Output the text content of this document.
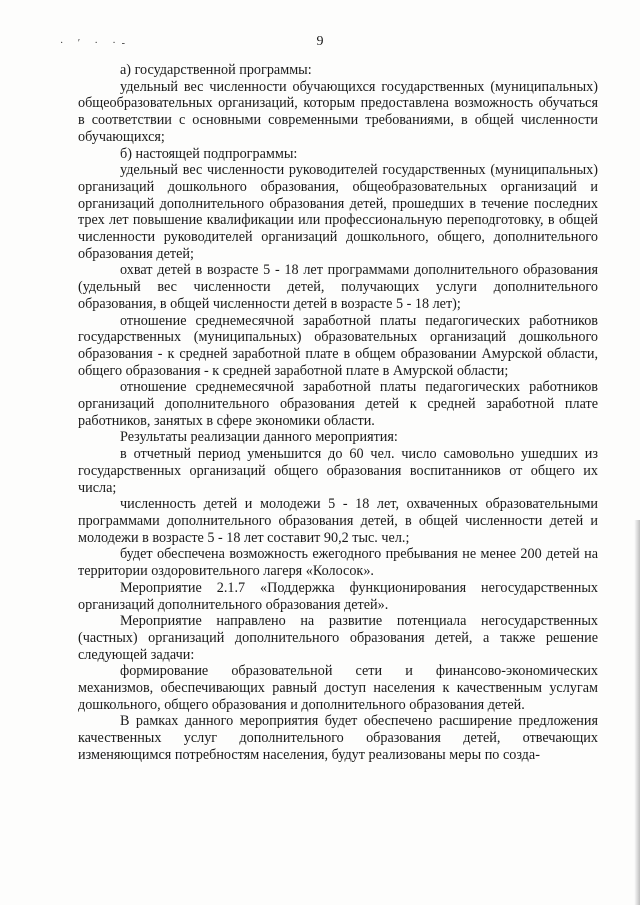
· ′ · ·-	9

а) государственной программы:

удельный вес численности обучающихся государственных (муниципальных) общеобразовательных организаций, которым предоставлена возможность обучаться в соответствии с основными современными требованиями, в общей численности обучающихся;

б) настоящей подпрограммы:

удельный вес численности руководителей государственных (муниципальных) организаций дошкольного образования, общеобразовательных организаций и организаций дополнительного образования детей, прошедших в течение последних трех лет повышение квалификации или профессиональную переподготовку, в общей численности руководителей организаций дошкольного, общего, дополнительного образования детей;

охват детей в возрасте 5 - 18 лет программами дополнительного образования (удельный вес численности детей, получающих услуги дополнительного образования, в общей численности детей в возрасте 5 - 18 лет);

отношение среднемесячной заработной платы педагогических работников государственных (муниципальных) образовательных организаций дошкольного образования - к средней заработной плате в общем образовании Амурской области, общего образования - к средней заработной плате в Амурской области;

отношение среднемесячной заработной платы педагогических работников организаций дополнительного образования детей к средней заработной плате работников, занятых в сфере экономики области.

Результаты реализации данного мероприятия:

в отчетный период уменьшится до 60 чел. число самовольно ушедших из государственных организаций общего образования воспитанников от общего их числа;

численность детей и молодежи 5 - 18 лет, охваченных образовательными программами дополнительного образования детей, в общей численности детей и молодежи в возрасте 5 - 18 лет составит 90,2 тыс. чел.;

будет обеспечена возможность ежегодного пребывания не менее 200 детей на территории оздоровительного лагеря «Колосок».

Мероприятие 2.1.7 «Поддержка функционирования негосударственных организаций дополнительного образования детей».

Мероприятие направлено на развитие потенциала негосударственных (частных) организаций дополнительного образования детей, а также решение следующей задачи:

формирование образовательной сети и финансово-экономических механизмов, обеспечивающих равный доступ населения к качественным услугам дошкольного, общего образования и дополнительного образования детей.

В рамках данного мероприятия будет обеспечено расширение предложения качественных услуг дополнительного образования детей, отвечающих изменяющимся потребностям населения, будут реализованы меры по созда-
